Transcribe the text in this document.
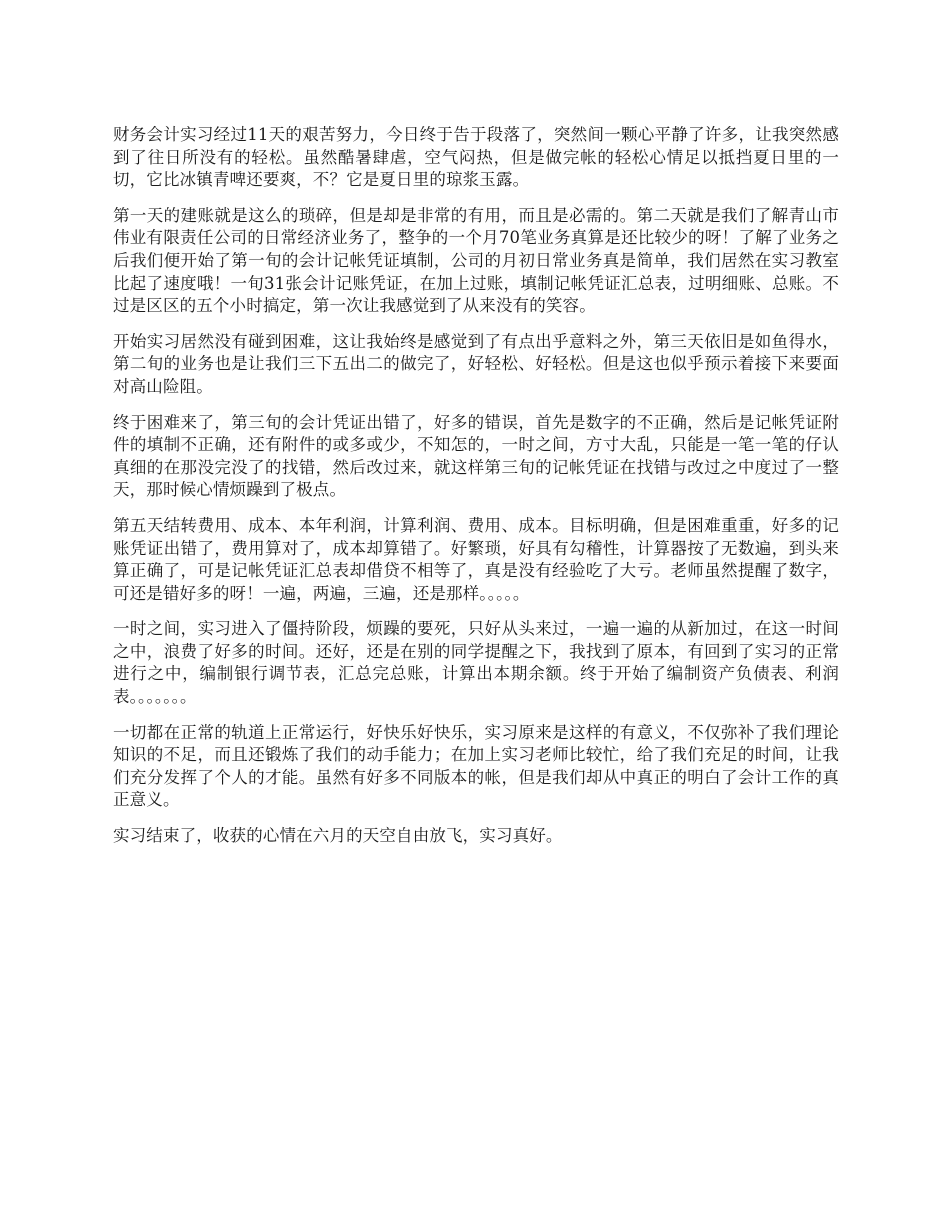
财务会计实习经过11天的艰苦努力，今日终于告于段落了，突然间一颗心平静了许多，让我突然感到了往日所没有的轻松。虽然酷暑肆虐，空气闷热，但是做完帐的轻松心情足以抵挡夏日里的一切，它比冰镇青啤还要爽，不？它是夏日里的琼浆玉露。

第一天的建账就是这么的琐碎，但是却是非常的有用，而且是必需的。第二天就是我们了解青山市伟业有限责任公司的日常经济业务了，整争的一个月70笔业务真算是还比较少的呀！了解了业务之后我们便开始了第一旬的会计记帐凭证填制，公司的月初日常业务真是简单，我们居然在实习教室比起了速度哦！一旬31张会计记账凭证，在加上过账，填制记帐凭证汇总表，过明细账、总账。不过是区区的五个小时搞定，第一次让我感觉到了从来没有的笑容。

开始实习居然没有碰到困难，这让我始终是感觉到了有点出乎意料之外，第三天依旧是如鱼得水，第二旬的业务也是让我们三下五出二的做完了，好轻松、好轻松。但是这也似乎预示着接下来要面对高山险阻。

终于困难来了，第三旬的会计凭证出错了，好多的错误，首先是数字的不正确，然后是记帐凭证附件的填制不正确，还有附件的或多或少，不知怎的，一时之间，方寸大乱，只能是一笔一笔的仔认真细的在那没完没了的找错，然后改过来，就这样第三旬的记帐凭证在找错与改过之中度过了一整天，那时候心情烦躁到了极点。

第五天结转费用、成本、本年利润，计算利润、费用、成本。目标明确，但是困难重重，好多的记账凭证出错了，费用算对了，成本却算错了。好繁琐，好具有勾稽性，计算器按了无数遍，到头来算正确了，可是记帐凭证汇总表却借贷不相等了，真是没有经验吃了大亏。老师虽然提醒了数字，可还是错好多的呀！一遍，两遍，三遍，还是那样。。。。。

一时之间，实习进入了僵持阶段，烦躁的要死，只好从头来过，一遍一遍的从新加过，在这一时间之中，浪费了好多的时间。还好，还是在别的同学提醒之下，我找到了原本，有回到了实习的正常进行之中，编制银行调节表，汇总完总账，计算出本期余额。终于开始了编制资产负债表、利润表。。。。。。。

一切都在正常的轨道上正常运行，好快乐好快乐，实习原来是这样的有意义，不仅弥补了我们理论知识的不足，而且还锻炼了我们的动手能力；在加上实习老师比较忙，给了我们充足的时间，让我们充分发挥了个人的才能。虽然有好多不同版本的帐，但是我们却从中真正的明白了会计工作的真正意义。

实习结束了，收获的心情在六月的天空自由放飞，实习真好。
